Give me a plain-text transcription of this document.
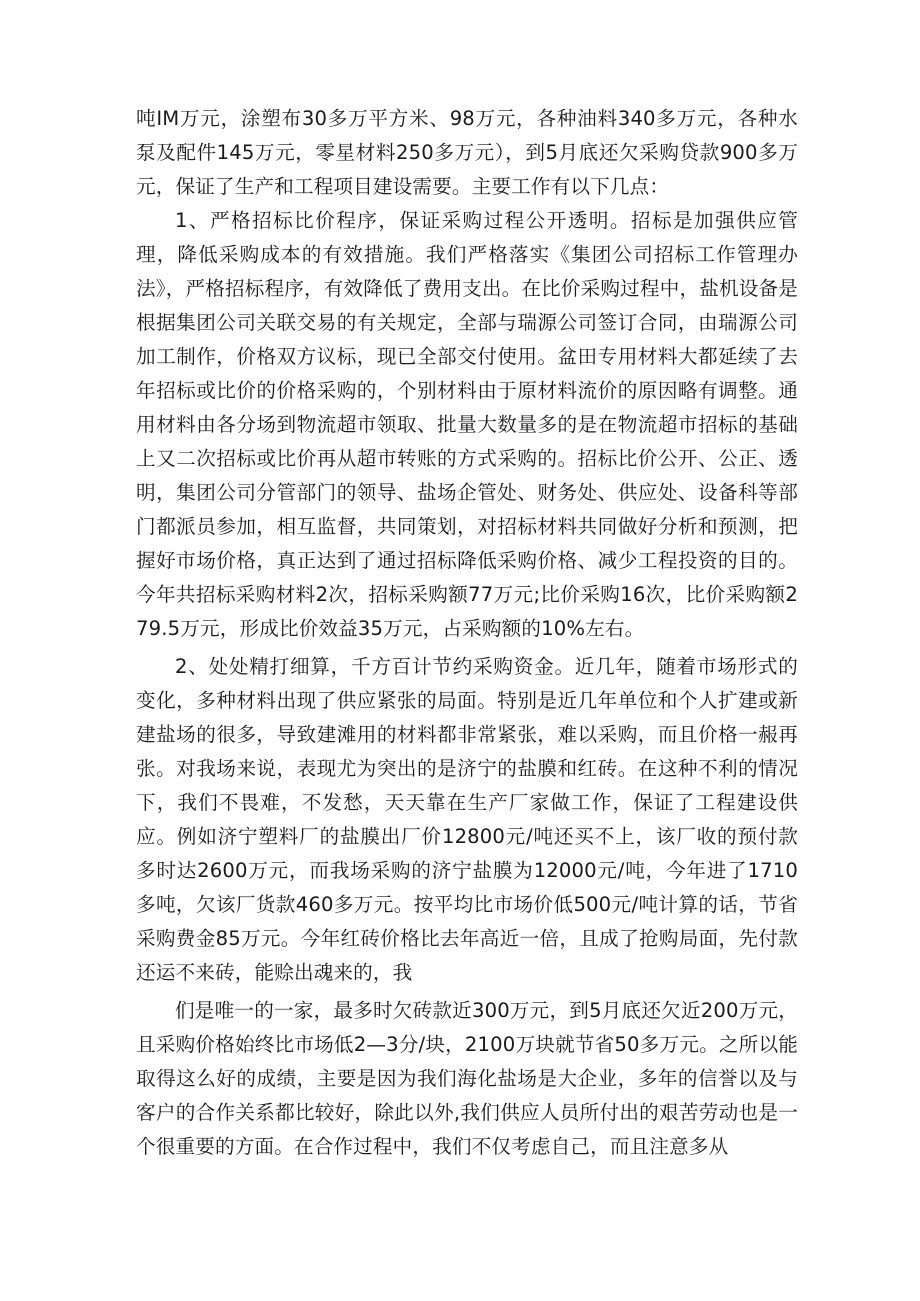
吨IM万元，涂塑布30多万平方米、98万元，各种油料340多万元，各种水泵及配件145万元，零星材料250多万元），到5月底还欠采购贷款900多万元，保证了生产和工程项目建设需要。主要工作有以下几点：

1、严格招标比价程序，保证采购过程公开透明。招标是加强供应管理，降低采购成本的有效措施。我们严格落实《集团公司招标工作管理办法》，严格招标程序，有效降低了费用支出。在比价采购过程中，盐机设备是根据集团公司关联交易的有关规定，全部与瑞源公司签订合同，由瑞源公司加工制作，价格双方议标，现已全部交付使用。盆田专用材料大都延续了去年招标或比价的价格采购的，个别材料由于原材料流价的原因略有调整。通用材料由各分场到物流超市领取、批量大数量多的是在物流超市招标的基础上又二次招标或比价再从超市转账的方式采购的。招标比价公开、公正、透明，集团公司分管部门的领导、盐场企管处、财务处、供应处、设备科等部门都派员参加，相互监督，共同策划，对招标材料共同做好分析和预测，把握好市场价格，真正达到了通过招标降低采购价格、减少工程投资的目的。今年共招标采购材料2次，招标采购额77万元;比价采购16次，比价采购额279.5万元，形成比价效益35万元，占采购额的10%左右。

2、处处精打细算，千方百计节约采购资金。近几年，随着市场形式的变化，多种材料出现了供应紧张的局面。特别是近几年单位和个人扩建或新建盐场的很多，导致建滩用的材料都非常紧张，难以采购，而且价格一赧再张。对我场来说，表现尤为突出的是济宁的盐膜和红砖。在这种不利的情况下，我们不畏难，不发愁，天天靠在生产厂家做工作，保证了工程建设供应。例如济宁塑料厂的盐膜出厂价12800元/吨还买不上，该厂收的预付款多时达2600万元，而我场采购的济宁盐膜为12000元/吨，今年进了1710多吨，欠该厂货款460多万元。按平均比市场价低500元/吨计算的话，节省采购费金85万元。今年红砖价格比去年高近一倍，且成了抢购局面，先付款还运不来砖，能赊出魂来的，我

们是唯一的一家，最多时欠砖款近300万元，到5月底还欠近200万元，且采购价格始终比市场低2—3分/块，2100万块就节省50多万元。之所以能取得这么好的成绩，主要是因为我们海化盐场是大企业，多年的信誉以及与客户的合作关系都比较好，除此以外,我们供应人员所付出的艰苦劳动也是一个很重要的方面。在合作过程中，我们不仅考虑自己，而且注意多从
